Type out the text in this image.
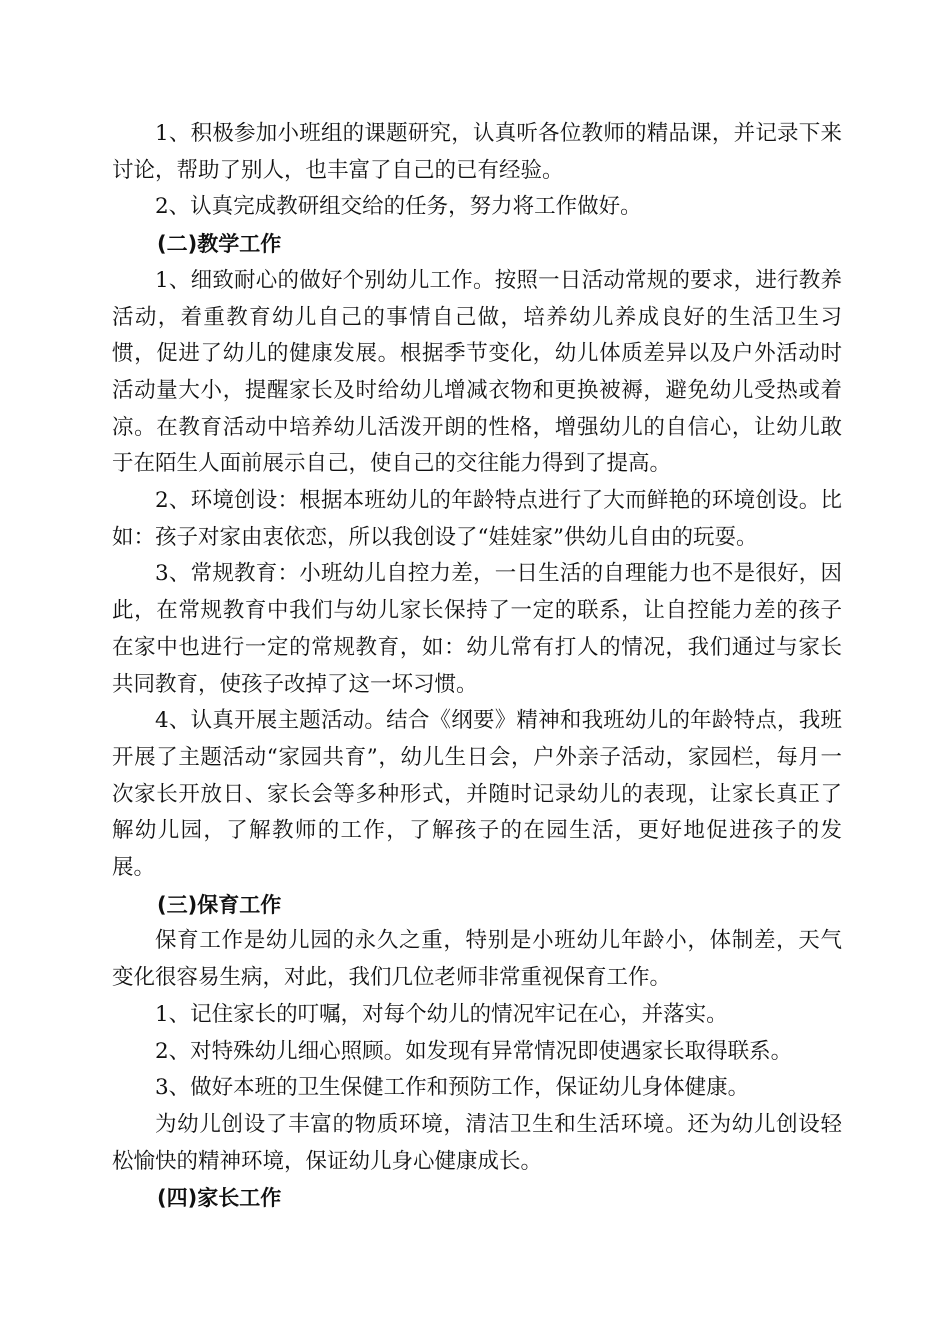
1、积极参加小班组的课题研究，认真听各位教师的精品课，并记录下来讨论，帮助了别人，也丰富了自己的已有经验。

2、认真完成教研组交给的任务，努力将工作做好。

(二)教学工作

1、细致耐心的做好个别幼儿工作。按照一日活动常规的要求，进行教养活动，着重教育幼儿自己的事情自己做，培养幼儿养成良好的生活卫生习惯，促进了幼儿的健康发展。根据季节变化，幼儿体质差异以及户外活动时活动量大小，提醒家长及时给幼儿增减衣物和更换被褥，避免幼儿受热或着凉。在教育活动中培养幼儿活泼开朗的性格，增强幼儿的自信心，让幼儿敢于在陌生人面前展示自己，使自己的交往能力得到了提高。

2、环境创设：根据本班幼儿的年龄特点进行了大而鲜艳的环境创设。比如：孩子对家由衷依恋，所以我创设了“娃娃家”供幼儿自由的玩耍。

3、常规教育：小班幼儿自控力差，一日生活的自理能力也不是很好，因此，在常规教育中我们与幼儿家长保持了一定的联系，让自控能力差的孩子在家中也进行一定的常规教育，如：幼儿常有打人的情况，我们通过与家长共同教育，使孩子改掉了这一坏习惯。

4、认真开展主题活动。结合《纲要》精神和我班幼儿的年龄特点，我班开展了主题活动“家园共育”，幼儿生日会，户外亲子活动，家园栏，每月一次家长开放日、家长会等多种形式，并随时记录幼儿的表现，让家长真正了解幼儿园，了解教师的工作，了解孩子的在园生活，更好地促进孩子的发展。

(三)保育工作

保育工作是幼儿园的永久之重，特别是小班幼儿年龄小，体制差，天气变化很容易生病，对此，我们几位老师非常重视保育工作。

1、记住家长的叮嘱，对每个幼儿的情况牢记在心，并落实。

2、对特殊幼儿细心照顾。如发现有异常情况即使遇家长取得联系。

3、做好本班的卫生保健工作和预防工作，保证幼儿身体健康。

为幼儿创设了丰富的物质环境，清洁卫生和生活环境。还为幼儿创设轻松愉快的精神环境，保证幼儿身心健康成长。

(四)家长工作
